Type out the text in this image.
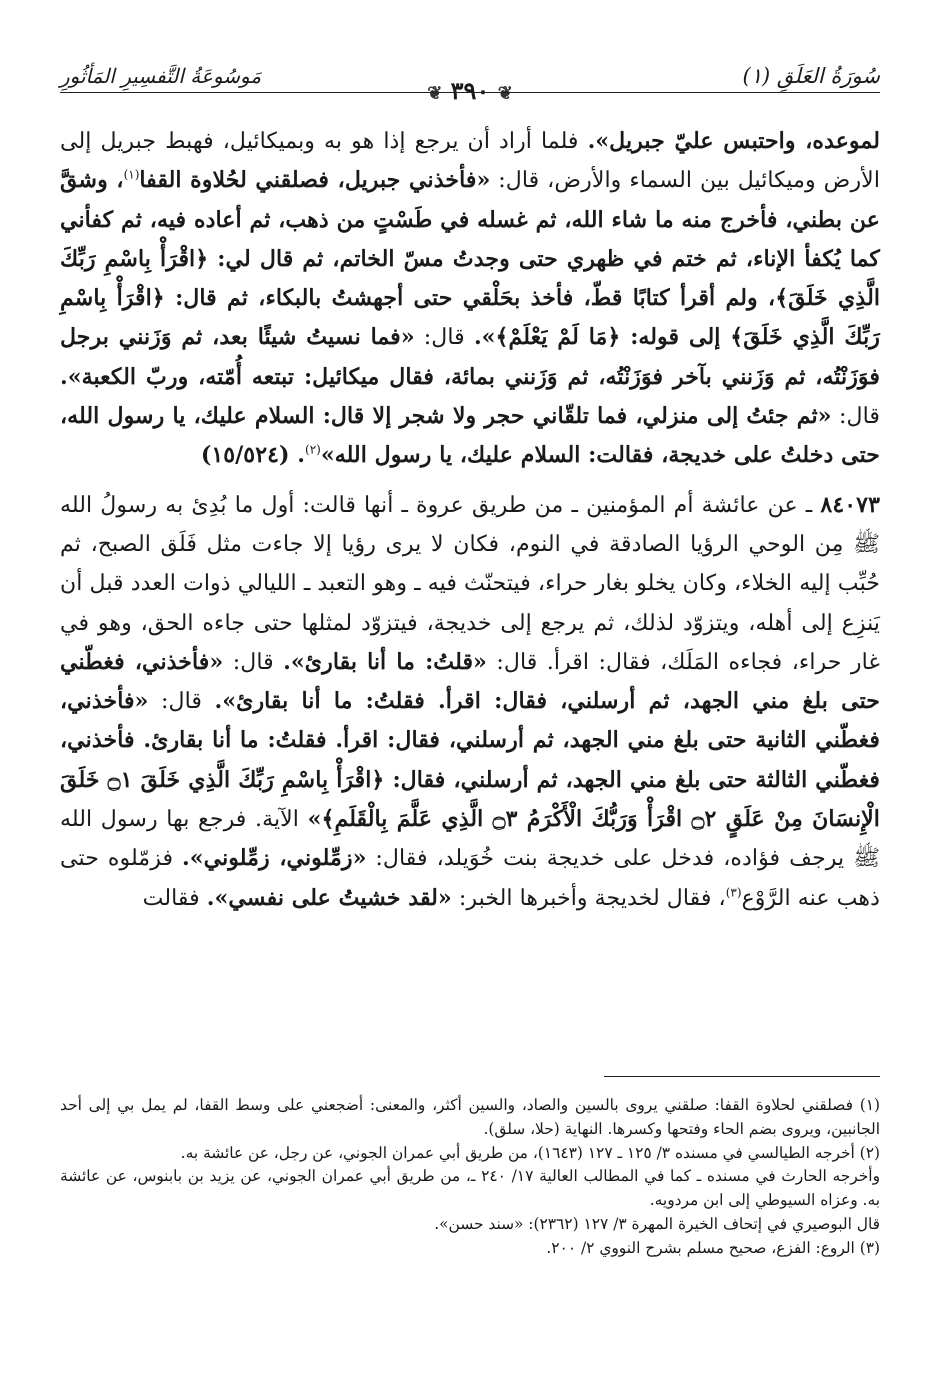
سُورَةُ العَلَقِ (١)
❦ ٣٩٠ ❦
مَوسُوعَةُ التَّفسِيرِ المَأثُورِ

لموعده، واحتبس عليّ جبريل». فلما أراد أن يرجع إذا هو به وبميكائيل، فهبط جبريل إلى الأرض وميكائيل بين السماء والأرض، قال: «فأخذني جبريل، فصلقني لحُلاوة القفا$^{(١)}$، وشقَّ عن بطني، فأخرج منه ما شاء الله، ثم غسله في طَسْتٍ من ذهب، ثم أعاده فيه، ثم كفأني كما يُكفأ الإناء، ثم ختم في ظهري حتى وجدتُ مسّ الخاتم، ثم قال لي: ﴿اقْرَأْ بِاسْمِ رَبِّكَ الَّذِي خَلَقَ﴾، ولم أقرأ كتابًا قطّ، فأخذ بحَلْقي حتى أجهشتُ بالبكاء، ثم قال: ﴿اقْرَأْ بِاسْمِ رَبِّكَ الَّذِي خَلَقَ﴾ إلى قوله: ﴿مَا لَمْ يَعْلَمْ﴾». قال: «فما نسيتُ شيئًا بعد، ثم وَزَنني برجل فوَزَنْتُه، ثم وَزَنني بآخر فوَزَنْتُه، ثم وَزَنني بمائة، فقال ميكائيل: تبتعه أُمّته، وربّ الكعبة». قال: «ثم جئتُ إلى منزلي، فما تلقّاني حجر ولا شجر إلا قال: السلام عليك، يا رسول الله، حتى دخلتُ على خديجة، فقالت: السلام عليك، يا رسول الله»$^{(٢)}$. (١٥/٥٢٤)

٨٤٠٧٣ ـ عن عائشة أم المؤمنين ـ من طريق عروة ـ أنها قالت: أول ما بُدِئ به رسولُ الله ﷺ مِن الوحي الرؤيا الصادقة في النوم، فكان لا يرى رؤيا إلا جاءت مثل فَلَق الصبح، ثم حُبِّب إليه الخلاء، وكان يخلو بغار حراء، فيتحنّث فيه ـ وهو التعبد ـ الليالي ذوات العدد قبل أن يَنزِع إلى أهله، ويتزوّد لذلك، ثم يرجع إلى خديجة، فيتزوّد لمثلها حتى جاءه الحق، وهو في غار حراء، فجاءه المَلَك، فقال: اقرأ. قال: «قلتُ: ما أنا بقارئ». قال: «فأخذني، فغطّني حتى بلغ مني الجهد، ثم أرسلني، فقال: اقرأ. فقلتُ: ما أنا بقارئ». قال: «فأخذني، فغطّني الثانية حتى بلغ مني الجهد، ثم أرسلني، فقال: اقرأ. فقلتُ: ما أنا بقارئ. فأخذني، فغطّني الثالثة حتى بلغ مني الجهد، ثم أرسلني، فقال: ﴿اقْرَأْ بِاسْمِ رَبِّكَ الَّذِي خَلَقَ ۝١ خَلَقَ الْإِنسَانَ مِنْ عَلَقٍ ۝٢ اقْرَأْ وَرَبُّكَ الْأَكْرَمُ ۝٣ الَّذِي عَلَّمَ بِالْقَلَمِ﴾» الآية. فرجع بها رسول الله ﷺ يرجف فؤاده، فدخل على خديجة بنت خُوَيلد، فقال: «زمِّلوني، زمِّلوني». فزمّلوه حتى ذهب عنه الرَّوْع$^{(٣)}$، فقال لخديجة وأخبرها الخبر: «لقد خشيتُ على نفسي». فقالت

(١) فصلقني لحلاوة القفا: صلقني يروى بالسين والصاد، والسين أكثر، والمعنى: أضجعني على وسط القفا، لم يمل بي إلى أحد الجانبين، ويروى بضم الحاء وفتحها وكسرها. النهاية (حلا، سلق).

(٢) أخرجه الطيالسي في مسنده ٣/ ١٢٥ ـ ١٢٧ (١٦٤٣)، من طريق أبي عمران الجوني، عن رجل، عن عائشة به.

وأخرجه الحارث في مسنده ـ كما في المطالب العالية ١٧/ ٢٤٠ ـ، من طريق أبي عمران الجوني، عن يزيد بن بابنوس، عن عائشة به. وعزاه السيوطي إلى ابن مردويه.

قال البوصيري في إتحاف الخيرة المهرة ٣/ ١٢٧ (٢٣٦٢): «سند حسن».

(٣) الروع: الفزع، صحيح مسلم بشرح النووي ٢/ ٢٠٠.
